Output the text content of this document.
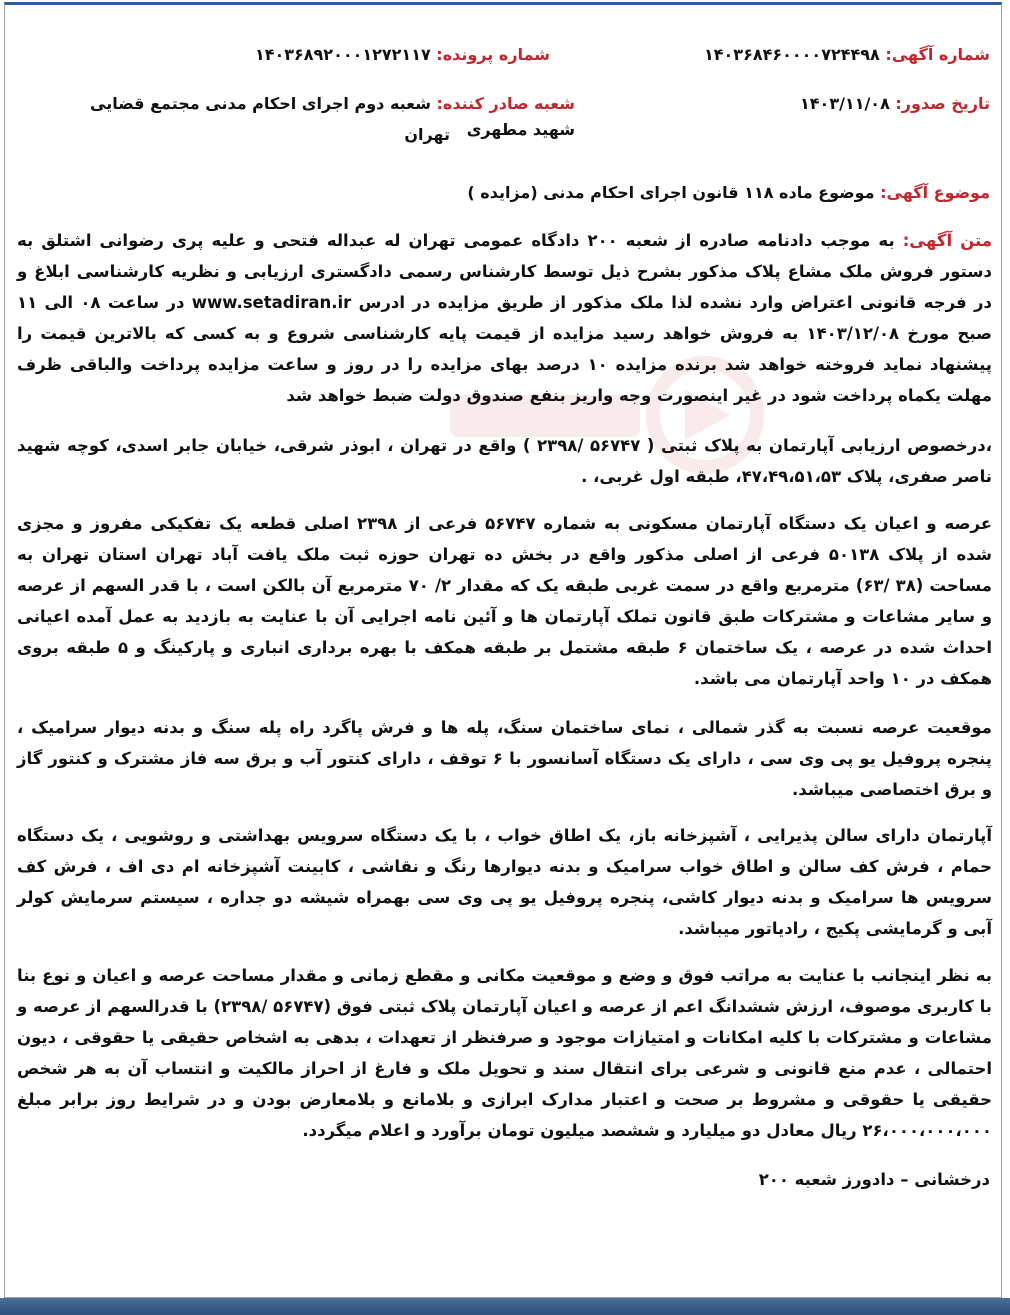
شماره آگهی: ۱۴۰۳۶۸۴۶۰۰۰۰۷۲۴۴۹۸
شماره پرونده: ۱۴۰۳۶۸۹۲۰۰۰۱۲۷۲۱۱۷
تاریخ صدور: ۱۴۰۳/۱۱/۰۸
شعبه صادر کننده: شعبه دوم اجرای احکام مدنی مجتمع قضایی شهید مطهری
تهران
موضوع آگهی: موضوع ماده ۱۱۸ قانون اجرای احکام مدنی (مزایده )
متن آگهی: به موجب دادنامه صادره از شعبه ۲۰۰ دادگاه عمومی تهران له عبداله فتحی و علیه پری رضوانی اشتلق به دستور فروش ملک مشاع پلاک مذکور بشرح ذیل توسط کارشناس رسمی دادگستری ارزیابی و نظریه کارشناسی ابلاغ و در فرجه قانونی اعتراض وارد نشده لذا ملک مذکور از طریق مزایده در ادرس www.setadiran.ir در ساعت ۰۸ الی ۱۱ صبح مورخ ۱۴۰۳/۱۲/۰۸ به فروش خواهد رسید مزایده از قیمت پایه کارشناسی شروع و به کسی که بالاترین قیمت را پیشنهاد نماید فروخته خواهد شد برنده مزایده ۱۰ درصد بهای مزایده را در روز و ساعت مزایده پرداخت والباقی ظرف مهلت یکماه پرداخت شود در غیر اینصورت وجه واریز بنفع صندوق دولت ضبط خواهد شد
،درخصوص ارزیابی آپارتمان به پلاک ثبتی ( ۵۶۷۴۷ /۲۳۹۸ ) واقع در تهران ، ابوذر شرقی، خیابان جابر اسدی، کوچه شهید ناصر صفری، پلاک ۴۷،۴۹،۵۱،۵۳، طبقه اول غربی، .
عرصه و اعیان یک دستگاه آپارتمان مسکونی به شماره ۵۶۷۴۷ فرعی از ۲۳۹۸ اصلی قطعه یک تفکیکی مفروز و مجزی شده از پلاک ۵۰۱۳۸ فرعی از اصلی مذکور واقع در بخش ده تهران حوزه ثبت ملک یافت آباد تهران استان تهران به مساحت (۳۸ /۶۳) مترمربع واقع در سمت غربی طبقه یک که مقدار ۲/ ۷۰ مترمربع آن بالکن است ، با قدر السهم از عرصه و سایر مشاعات و مشترکات طبق قانون تملک آپارتمان ها و آئین نامه اجرایی آن با عنایت به بازدید به عمل آمده اعیانی احداث شده در عرصه ، یک ساختمان ۶ طبقه مشتمل بر طبقه همکف با بهره برداری انباری و پارکینگ و ۵ طبقه بروی همکف در ۱۰ واحد آپارتمان می باشد.
موقعیت عرصه نسبت به گذر شمالی ، نمای ساختمان سنگ، پله ها و فرش پاگرد راه پله سنگ و بدنه دیوار سرامیک ، پنجره پروفیل یو پی وی سی ، دارای یک دستگاه آسانسور با ۶ توقف ، دارای کنتور آب و برق سه فاز مشترک و کنتور گاز و برق اختصاصی میباشد.
آپارتمان دارای سالن پذیرایی ، آشپزخانه باز، یک اطاق خواب ، با یک دستگاه سرویس بهداشتی و روشویی ، یک دستگاه حمام ، فرش کف سالن و اطاق خواب سرامیک و بدنه دیوارها رنگ و نقاشی ، کابینت آشپزخانه ام دی اف ، فرش کف سرویس ها سرامیک و بدنه دیوار کاشی، پنجره پروفیل یو پی وی سی بهمراه شیشه دو جداره ، سیستم سرمایش کولر آبی و گرمایشی پکیج ، رادیاتور میباشد.
به نظر اینجانب با عنایت به مراتب فوق و وضع و موقعیت مکانی و مقطع زمانی و مقدار مساحت عرصه و اعیان و نوع بنا با کاربری موصوف، ارزش ششدانگ اعم از عرصه و اعیان آپارتمان پلاک ثبتی فوق (۵۶۷۴۷ /۲۳۹۸) با قدرالسهم از عرصه و مشاعات و مشترکات با کلیه امکانات و امتیازات موجود و صرفنظر از تعهدات ، بدهی به اشخاص حقیقی یا حقوقی ، دیون احتمالی ، عدم منع قانونی و شرعی برای انتقال سند و تحویل ملک و فارغ از احراز مالکیت و انتساب آن به هر شخص حقیقی یا حقوقی و مشروط بر صحت و اعتبار مدارک ابرازی و بلامانع و بلامعارض بودن و در شرایط روز برابر مبلغ ۲۶،۰۰۰،۰۰۰،۰۰۰ ریال معادل دو میلیارد و ششصد میلیون تومان برآورد و اعلام میگردد.
درخشانی – دادورز شعبه ۲۰۰
